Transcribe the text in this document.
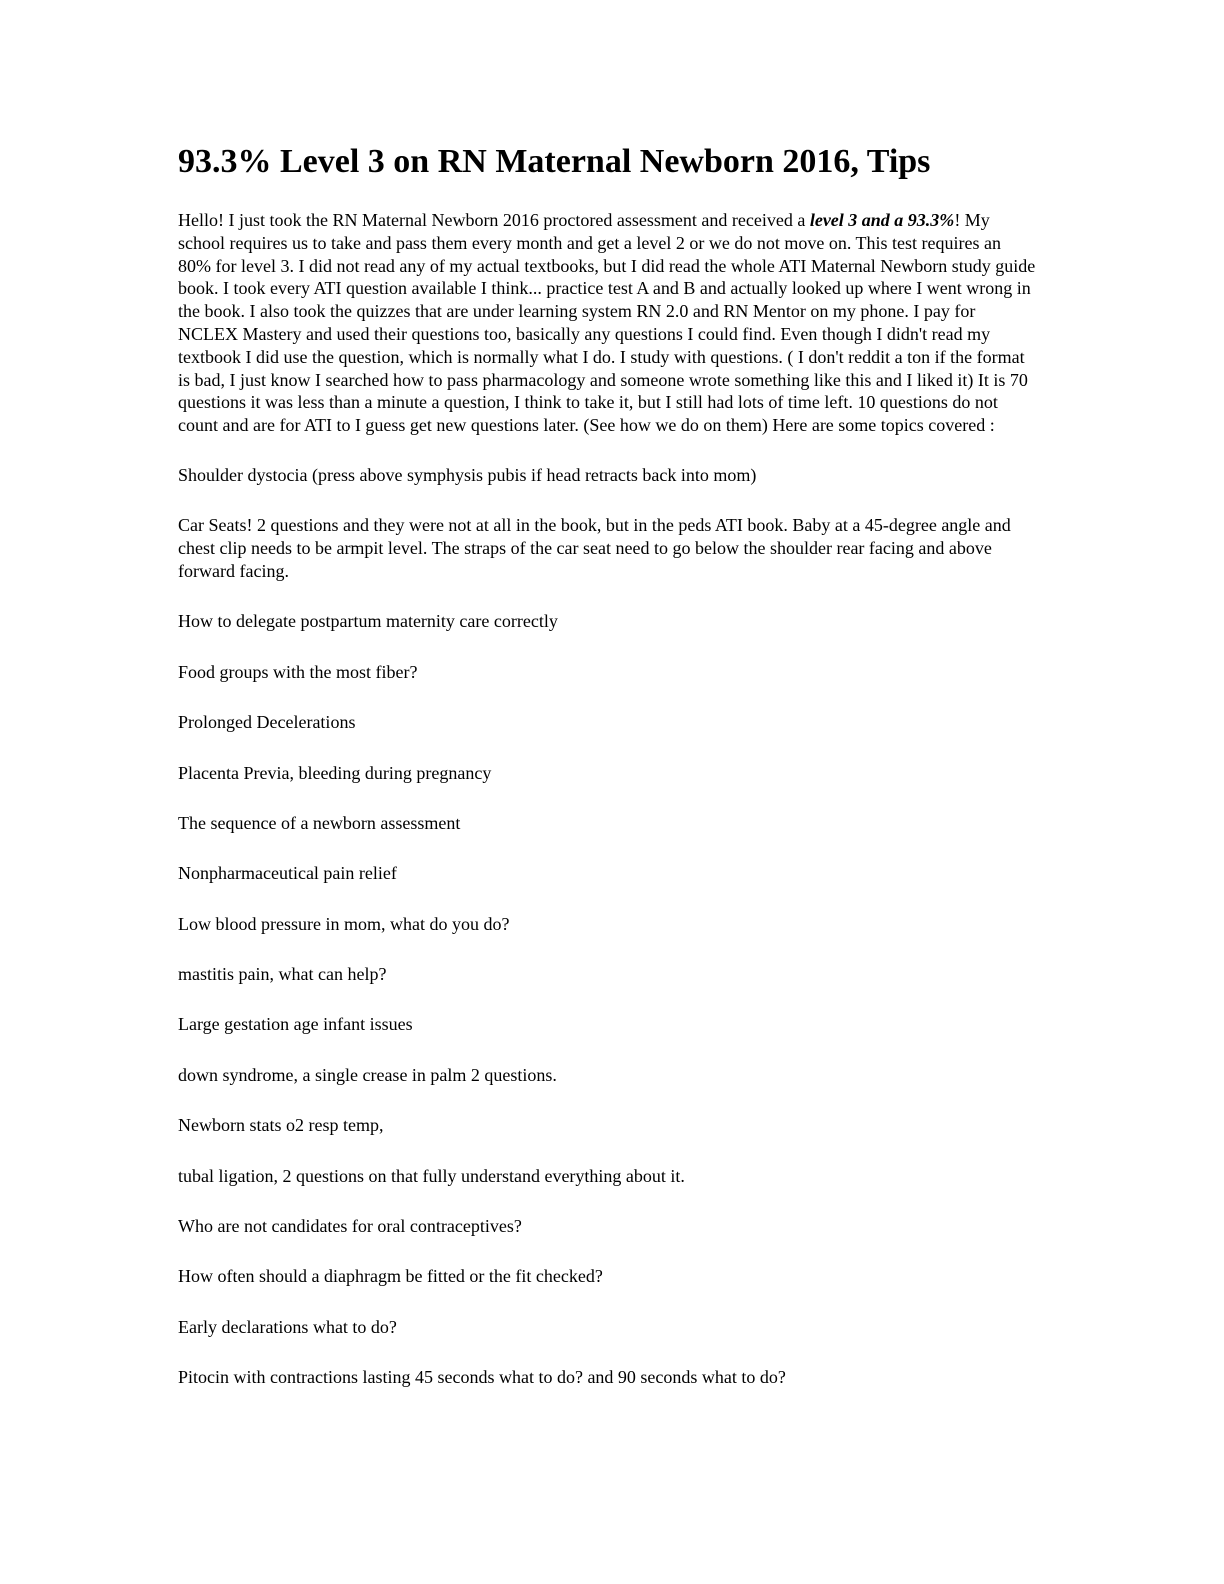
93.3% Level 3 on RN Maternal Newborn 2016, Tips

Hello! I just took the RN Maternal Newborn 2016 proctored assessment and received a level 3 and a 93.3%! My school requires us to take and pass them every month and get a level 2 or we do not move on. This test requires an 80% for level 3. I did not read any of my actual textbooks, but I did read the whole ATI Maternal Newborn study guide book. I took every ATI question available I think... practice test A and B and actually looked up where I went wrong in the book. I also took the quizzes that are under learning system RN 2.0 and RN Mentor on my phone. I pay for NCLEX Mastery and used their questions too, basically any questions I could find. Even though I didn't read my textbook I did use the question, which is normally what I do. I study with questions. ( I don't reddit a ton if the format is bad, I just know I searched how to pass pharmacology and someone wrote something like this and I liked it) It is 70 questions it was less than a minute a question, I think to take it, but I still had lots of time left. 10 questions do not count and are for ATI to I guess get new questions later. (See how we do on them) Here are some topics covered :

Shoulder dystocia (press above symphysis pubis if head retracts back into mom)
Car Seats! 2 questions and they were not at all in the book, but in the peds ATI book. Baby at a 45-degree angle and chest clip needs to be armpit level. The straps of the car seat need to go below the shoulder rear facing and above forward facing.
How to delegate postpartum maternity care correctly
Food groups with the most fiber?
Prolonged Decelerations
Placenta Previa, bleeding during pregnancy
The sequence of a newborn assessment
Nonpharmaceutical pain relief
Low blood pressure in mom, what do you do?
mastitis pain, what can help?
Large gestation age infant issues
down syndrome, a single crease in palm 2 questions.
Newborn stats o2 resp temp,
tubal ligation, 2 questions on that fully understand everything about it.
Who are not candidates for oral contraceptives?
How often should a diaphragm be fitted or the fit checked?
Early declarations what to do?
Pitocin with contractions lasting 45 seconds what to do? and 90 seconds what to do?
